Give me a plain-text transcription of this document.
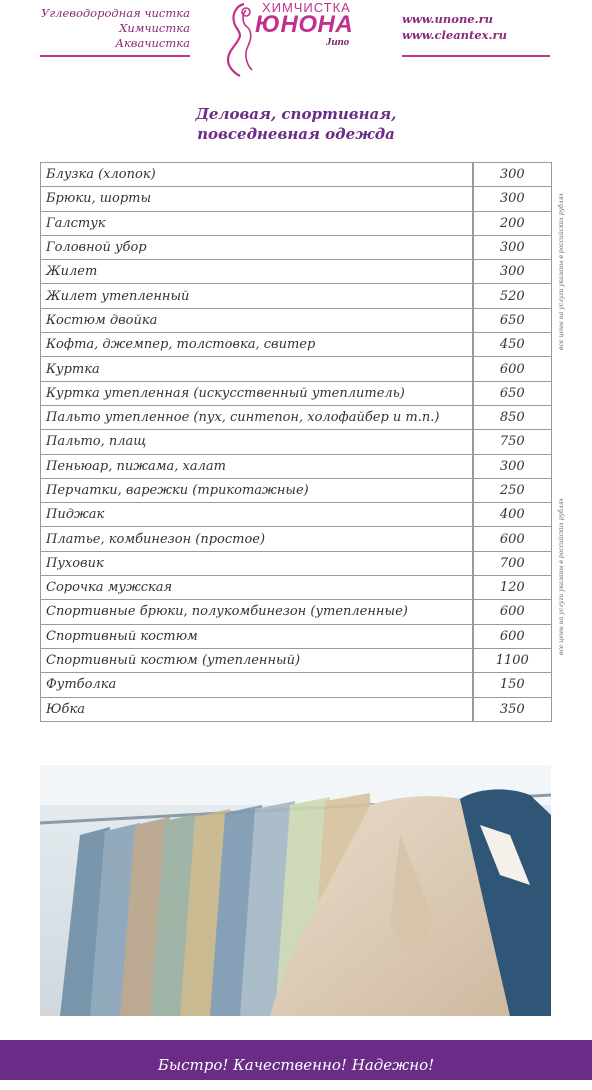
Углеводородная чистка
Химчистка
Аквачистка
ХИМЧИСТКА
ЮНОНА
Juno
www.unone.ru
www.cleantex.ru
Деловая, спортивная,
повседневная одежда
Блузка (хлопок)	300
Брюки, шорты	300
Галстук	200
Головной убор	300
Жилет	300
Жилет утепленный	520
Костюм двойка	650
Кофта, джемпер, толстовка, свитер	450
Куртка	600
Куртка утепленная (искусственный утеплитель)	650
Пальто утепленное (пух, синтепон, холофайбер и т.п.)	850
Пальто, плащ	750
Пеньюар, пижама, халат	300
Перчатки, варежки (трикотажные)	250
Пиджак	400
Платье, комбинезон (простое)	600
Пуховик	700
Сорочка мужская	120
Спортивные брюки, полукомбинезон (утепленные)	600
Спортивный костюм	600
Спортивный костюм (утепленный)	1100
Футболка	150
Юбка	350
все цены на услуги указаны в российских рублях
все цены на услуги указаны в российских рублях
Быстро! Качественно! Надежно!
